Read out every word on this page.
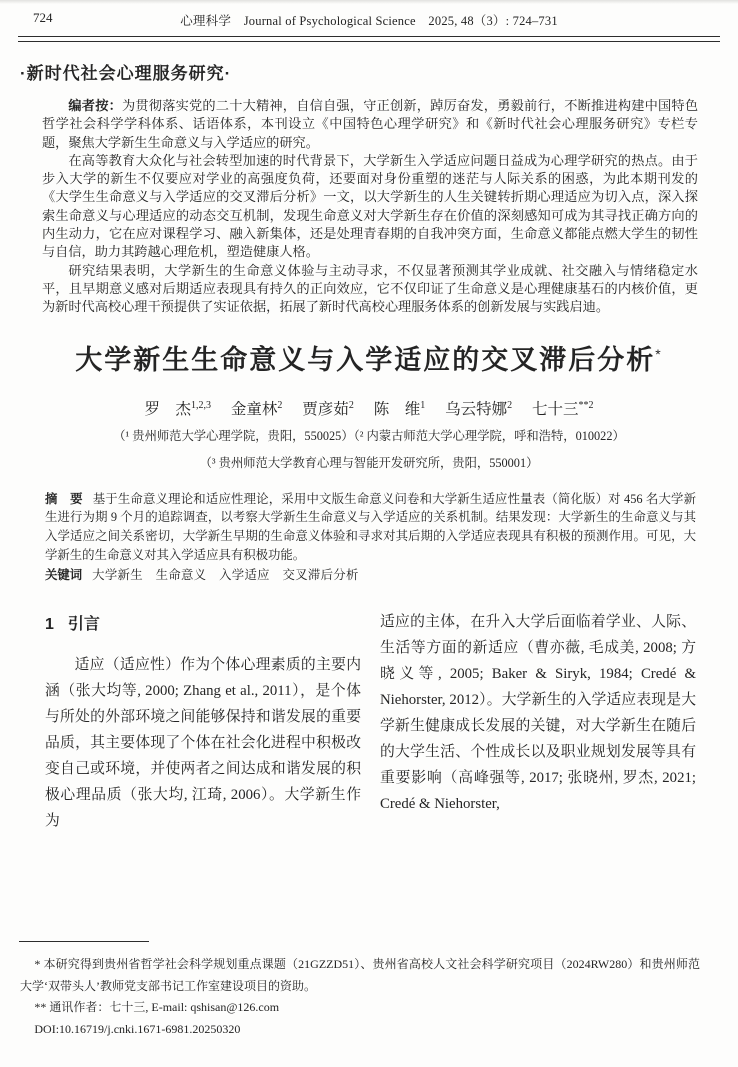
724	心理科学　Journal of Psychological Science　2025, 48（3）: 724–731
·新时代社会心理服务研究·

编者按：为贯彻落实党的二十大精神，自信自强，守正创新，踔厉奋发，勇毅前行，不断推进构建中国特色哲学社会科学学科体系、话语体系，本刊设立《中国特色心理学研究》和《新时代社会心理服务研究》专栏专题，聚焦大学新生生命意义与入学适应的研究。

在高等教育大众化与社会转型加速的时代背景下，大学新生入学适应问题日益成为心理学研究的热点。由于步入大学的新生不仅要应对学业的高强度负荷，还要面对身份重塑的迷茫与人际关系的困惑，为此本期刊发的《大学生生命意义与入学适应的交叉滞后分析》一文，以大学新生的人生关键转折期心理适应为切入点，深入探索生命意义与心理适应的动态交互机制，发现生命意义对大学新生存在价值的深刻感知可成为其寻找正确方向的内生动力，它在应对课程学习、融入新集体，还是处理青春期的自我冲突方面，生命意义都能点燃大学生的韧性与自信，助力其跨越心理危机，塑造健康人格。

研究结果表明，大学新生的生命意义体验与主动寻求，不仅显著预测其学业成就、社交融入与情绪稳定水平，且早期意义感对后期适应表现具有持久的正向效应，它不仅印证了生命意义是心理健康基石的内核价值，更为新时代高校心理干预提供了实证依据，拓展了新时代高校心理服务体系的创新发展与实践启迪。

大学新生生命意义与入学适应的交叉滞后分析*
罗　杰$^{1,2,3}$ 金童林$^2$ 贾彦茹$^2$ 陈　维$^1$ 乌云特娜$^2$ 七十三$^{**2}$
（¹ 贵州师范大学心理学院，贵阳，550025）（² 内蒙古师范大学心理学院，呼和浩特，010022）
（³ 贵州师范大学教育心理与智能开发研究所，贵阳，550001）
摘　要 基于生命意义理论和适应性理论，采用中文版生命意义问卷和大学新生适应性量表（简化版）对 456 名大学新生进行为期 9 个月的追踪调查，以考察大学新生生命意义与入学适应的关系机制。结果发现：大学新生的生命意义与其入学适应之间关系密切，大学新生早期的生命意义体验和寻求对其后期的入学适应表现具有积极的预测作用。可见，大学新生的生命意义对其入学适应具有积极功能。
关键词 大学新生　生命意义　入学适应　交叉滞后分析
1 引言

适应（适应性）作为个体心理素质的主要内涵（张大均等, 2000; Zhang et al., 2011），是个体与所处的外部环境之间能够保持和谐发展的重要品质，其主要体现了个体在社会化进程中积极改变自己或环境，并使两者之间达成和谐发展的积极心理品质（张大均, 江琦, 2006）。大学新生作为

适应的主体，在升入大学后面临着学业、人际、生活等方面的新适应（曹亦薇, 毛成美, 2008; 方晓义等, 2005; Baker & Siryk, 1984; Credé & Niehorster, 2012）。大学新生的入学适应表现是大学新生健康成长发展的关键，对大学新生在随后的大学生活、个性成长以及职业规划发展等具有重要影响（高峰强等, 2017; 张晓州, 罗杰, 2021; Credé & Niehorster,

* 本研究得到贵州省哲学社会科学规划重点课题（21GZZD51）、贵州省高校人文社会科学研究项目（2024RW280）和贵州师范大学‘双带头人’教师党支部书记工作室建设项目的资助。

** 通讯作者：七十三, E-mail: qshisan@126.com

DOI:10.16719/j.cnki.1671-6981.20250320
